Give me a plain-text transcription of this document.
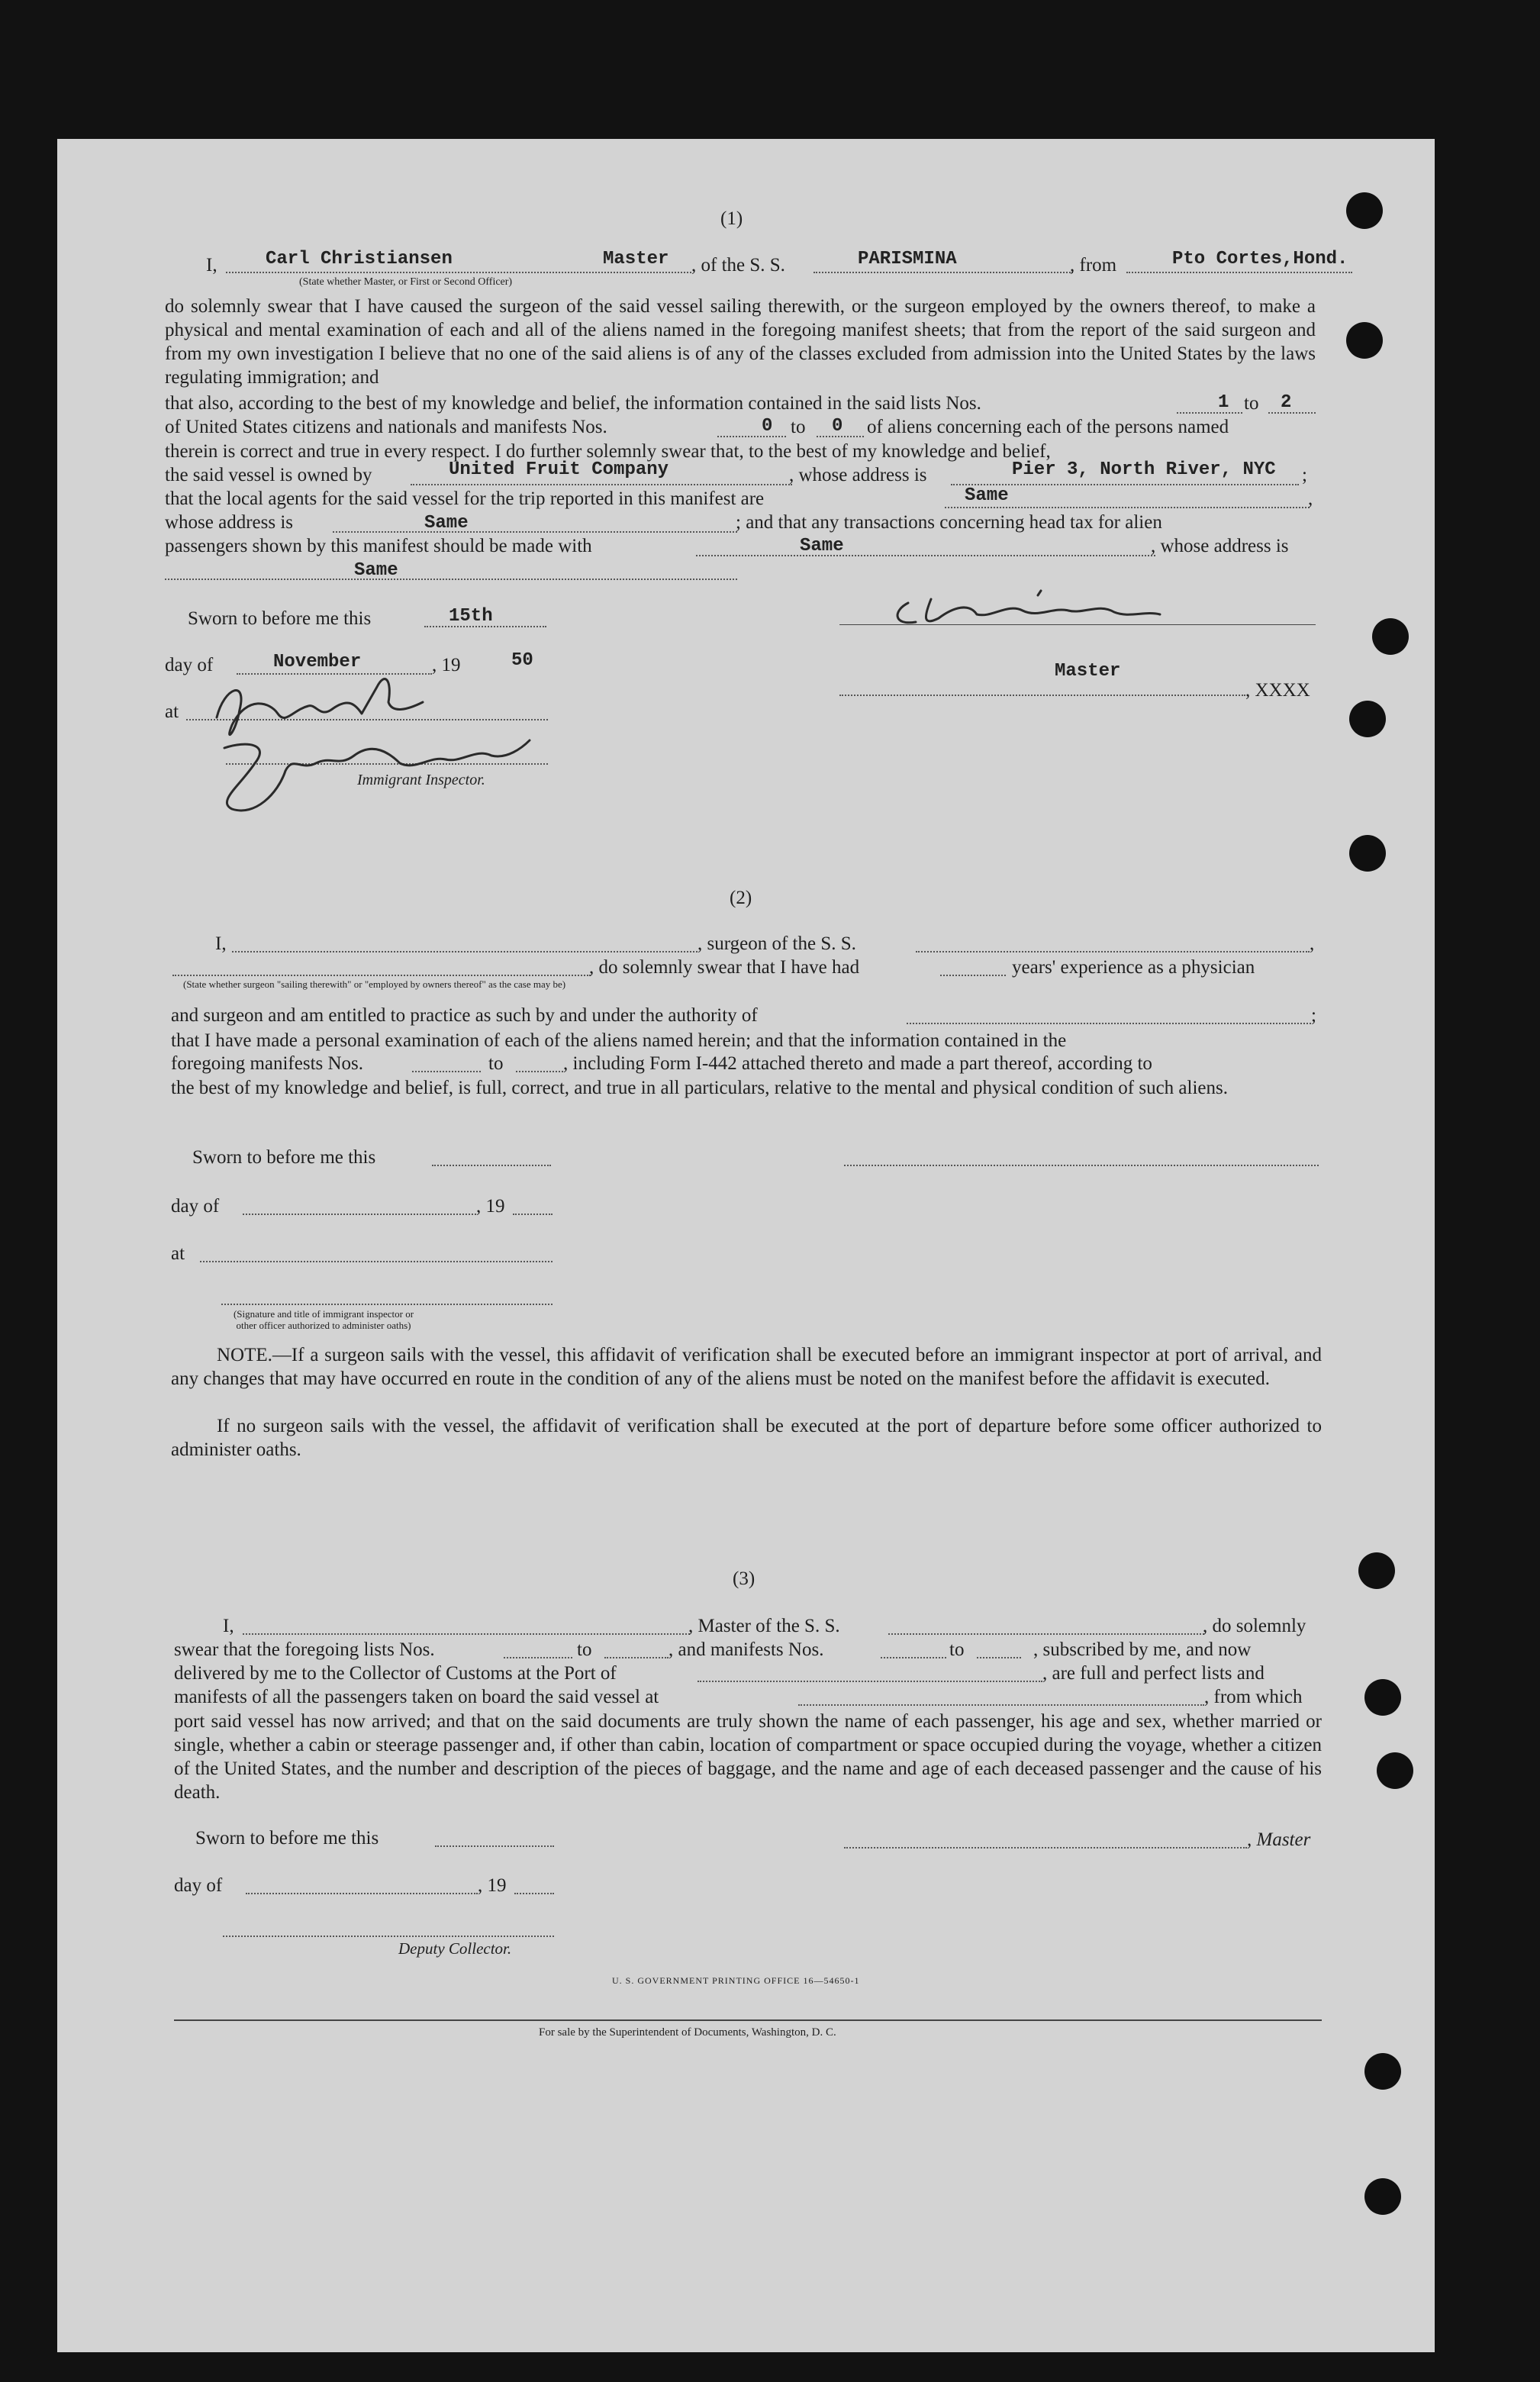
(1)
I,	Carl Christiansen	Master , of the S. S.	PARISMINA	, from	Pto Cortes,Hond.
(State whether Master, or First or Second Officer)
do solemnly swear that I have caused the surgeon of the said vessel sailing therewith, or the surgeon employed by the owners thereof, to make a physical and mental examination of each and all of the aliens named in the foregoing manifest sheets; that from the report of the said surgeon and from my own investigation I believe that no one of the said aliens is of any of the classes excluded from admission into the United States by the laws regulating immigration; and
that also, according to the best of my knowledge and belief, the information contained in the said lists Nos.	1 to 2
of United States citizens and nationals and manifests Nos.	0 to 0 of aliens concerning each of the persons named
therein is correct and true in every respect. I do further solemnly swear that, to the best of my knowledge and belief,
the said vessel is owned by	United Fruit Company	, whose address is	Pier 3, North River, NYC ;
that the local agents for the said vessel for the trip reported in this manifest are	Same	,
whose address is	Same	; and that any transactions concerning head tax for alien
passengers shown by this manifest should be made with	Same	, whose address is
Same
Sworn to before me this	15th
day of	November	, 19	50
at
Immigrant Inspector.
Master
, XXXX
(2)
I,	, surgeon of the S. S.	,
, do solemnly swear that I have had	years' experience as a physician
(State whether surgeon "sailing therewith" or "employed by owners thereof" as the case may be)
and surgeon and am entitled to practice as such by and under the authority of	;
that I have made a personal examination of each of the aliens named herein; and that the information contained in the
foregoing manifests Nos.	to	, including Form I-442 attached thereto and made a part thereof, according to
the best of my knowledge and belief, is full, correct, and true in all particulars, relative to the mental and physical condition of such aliens.
Sworn to before me this
day of	, 19
at
(Signature and title of immigrant inspector or other officer authorized to administer oaths)
NOTE.—If a surgeon sails with the vessel, this affidavit of verification shall be executed before an immigrant inspector at port of arrival, and any changes that may have occurred en route in the condition of any of the aliens must be noted on the manifest before the affidavit is executed.
If no surgeon sails with the vessel, the affidavit of verification shall be executed at the port of departure before some officer authorized to administer oaths.
(3)
I,	, Master of the S. S.	, do solemnly
swear that the foregoing lists Nos.	to	, and manifests Nos.	to	, subscribed by me, and now
delivered by me to the Collector of Customs at the Port of	, are full and perfect lists and
manifests of all the passengers taken on board the said vessel at	, from which
port said vessel has now arrived; and that on the said documents are truly shown the name of each passenger, his age and sex, whether married or single, whether a cabin or steerage passenger and, if other than cabin, location of compartment or space occupied during the voyage, whether a citizen of the United States, and the number and description of the pieces of baggage, and the name and age of each deceased passenger and the cause of his death.
Sworn to before me this	, Master
day of	, 19
Deputy Collector.
U. S. GOVERNMENT PRINTING OFFICE 16—54650-1
For sale by the Superintendent of Documents, Washington, D. C.
